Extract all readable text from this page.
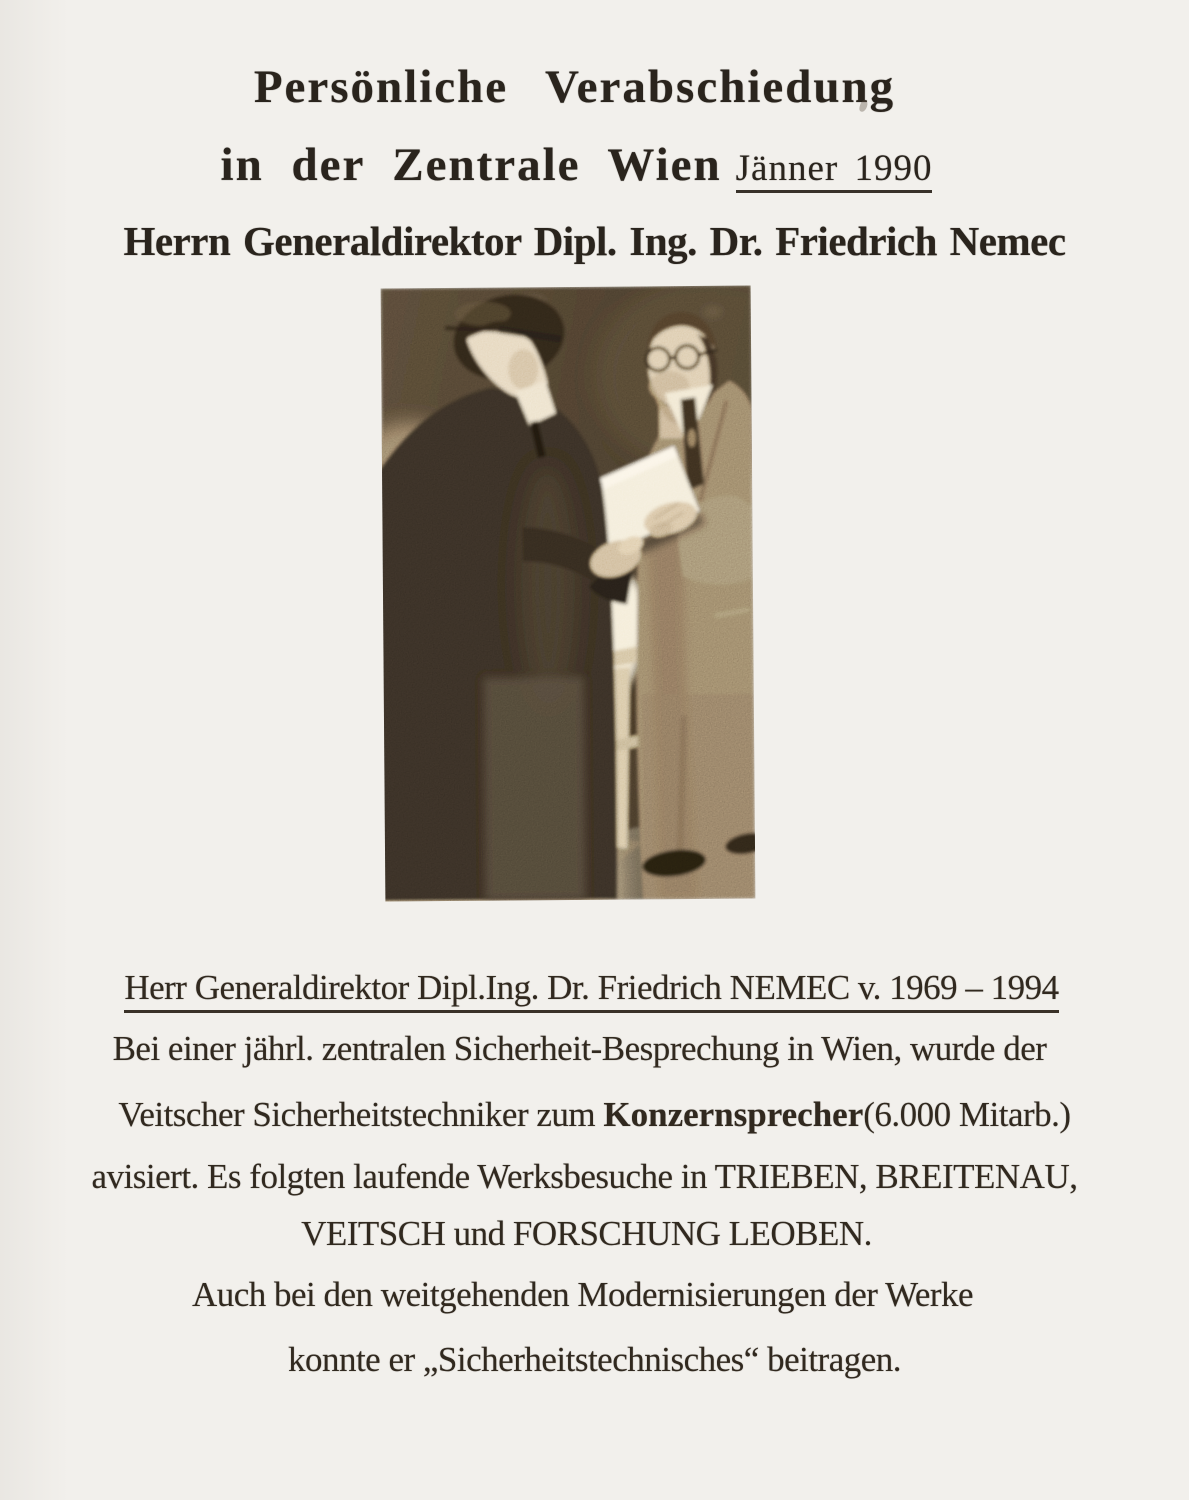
Persönliche Verabschiedung
in der Zentrale Wien Jänner 1990
Herrn Generaldirektor Dipl. Ing. Dr. Friedrich Nemec
Herr Generaldirektor Dipl.Ing. Dr. Friedrich NEMEC v. 1969 – 1994
Bei einer jährl. zentralen Sicherheit-Besprechung in Wien, wurde der
Veitscher Sicherheitstechniker zum Konzernsprecher(6.000 Mitarb.)
avisiert. Es folgten laufende Werksbesuche in TRIEBEN, BREITENAU,
VEITSCH und FORSCHUNG LEOBEN.
Auch bei den weitgehenden Modernisierungen der Werke
konnte er „Sicherheitstechnisches“ beitragen.
